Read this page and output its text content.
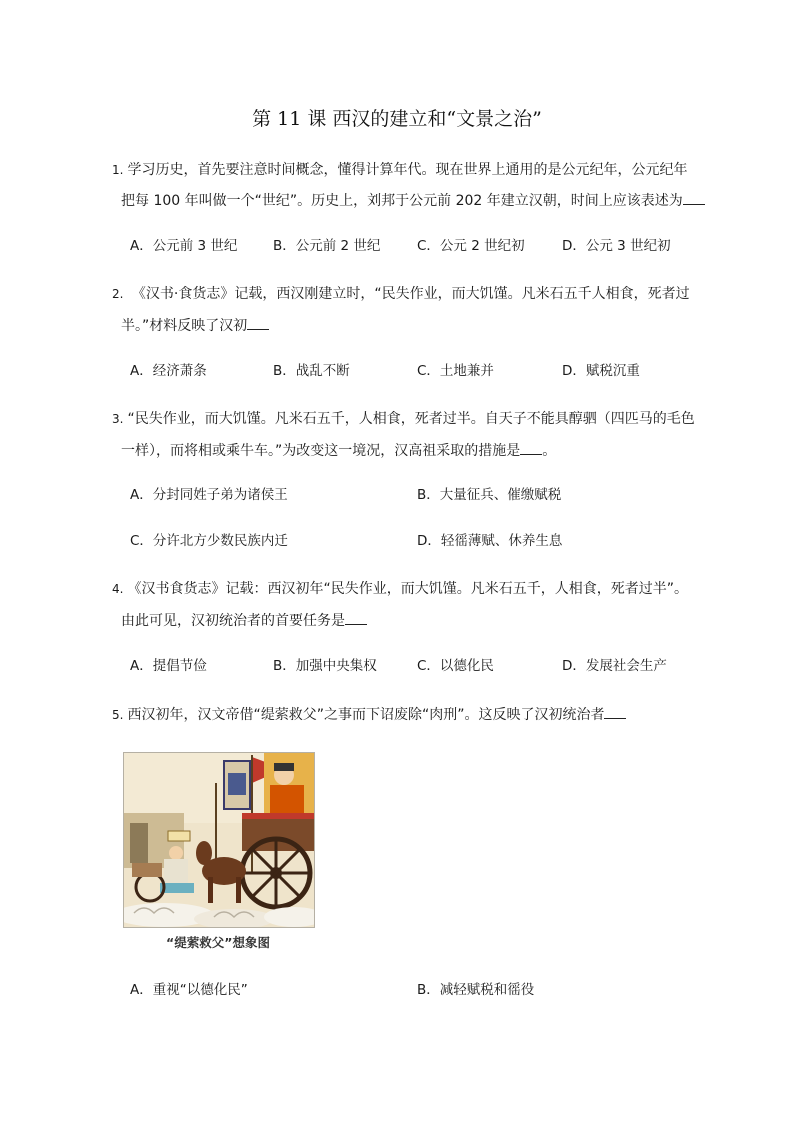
第 11 课 西汉的建立和“文景之治”
1. 学习历史，首先要注意时间概念，懂得计算年代。现在世界上通用的是公元纪年，公元纪年
把每 100 年叫做一个“世纪”。历史上，刘邦于公元前 202 年建立汉朝，时间上应该表述为
A．公元前 3 世纪	B．公元前 2 世纪	C．公元 2 世纪初	D．公元 3 世纪初
2. 《汉书·食货志》记载，西汉刚建立时，“民失作业，而大饥馑。凡米石五千人相食，死者过
半。”材料反映了汉初
A．经济萧条	B．战乱不断	C．土地兼并	D．赋税沉重
3. “民失作业，而大饥馑。凡米石五千，人相食，死者过半。自天子不能具醇驷（四匹马的毛色
一样），而将相或乘牛车。”为改变这一境况，汉高祖采取的措施是 。
A．分封同姓子弟为诸侯王	B．大量征兵、催缴赋税
C．分许北方少数民族内迁	D．轻徭薄赋、休养生息
4. 《汉书食货志》记载：西汉初年“民失作业，而大饥馑。凡米石五千，人相食，死者过半”。
由此可见，汉初统治者的首要任务是
A．提倡节俭	B．加强中央集权	C．以德化民	D．发展社会生产
5. 西汉初年，汉文帝借“缇萦救父”之事而下诏废除“肉刑”。这反映了汉初统治者
“缇萦救父”想象图
A．重视“以德化民”	B．减轻赋税和徭役
